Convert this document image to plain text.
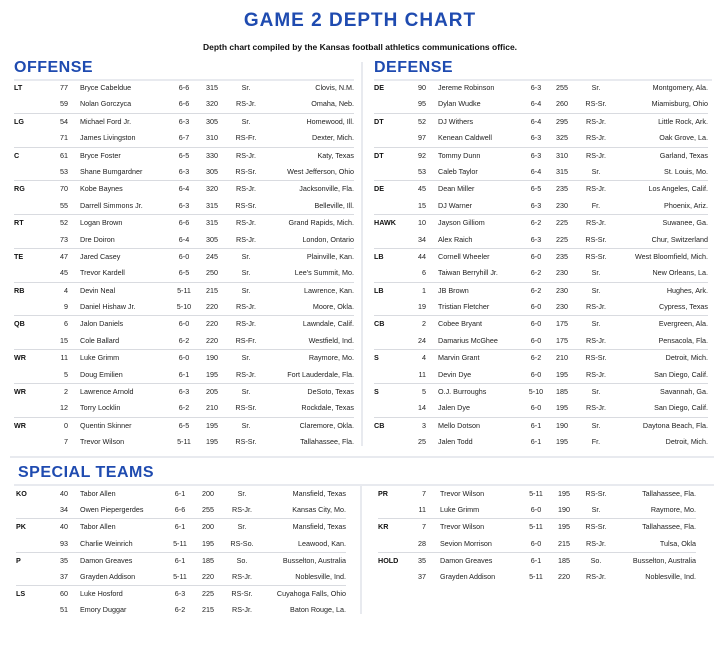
GAME 2 DEPTH CHART
Depth chart compiled by the Kansas football athletics communications office.
OFFENSE	DEFENSE
LT	77 Bryce Cabeldue	6-6	315	Sr.	Clovis, N.M.
59 Nolan Gorczyca	6-6	320	RS-Jr.	Omaha, Neb.
LG	54 Michael Ford Jr.	6-3	305	Sr.	Homewood, Ill.
71 James Livingston	6-7	310	RS-Fr.	Dexter, Mich.
C	61 Bryce Foster	6-5	330	RS-Jr.	Katy, Texas
53 Shane Bumgardner	6-3	305	RS-Sr.	West Jefferson, Ohio
RG	70 Kobe Baynes	6-4	320	RS-Jr.	Jacksonville, Fla.
55 Darrell Simmons Jr.	6-3	315	RS-Sr.	Belleville, Ill.
RT	52 Logan Brown	6-6	315	RS-Jr.	Grand Rapids, Mich.
73 Dre Doiron	6-4	305	RS-Jr.	London, Ontario
TE	47 Jared Casey	6-0	245	Sr.	Plainville, Kan.
45 Trevor Kardell	6-5	250	Sr.	Lee's Summit, Mo.
RB	4 Devin Neal	5-11	215	Sr.	Lawrence, Kan.
9 Daniel Hishaw Jr.	5-10	220	RS-Jr.	Moore, Okla.
QB	6 Jalon Daniels	6-0	220	RS-Jr.	Lawndale, Calif.
15 Cole Ballard	6-2	220	RS-Fr.	Westfield, Ind.
WR	11 Luke Grimm	6-0	190	Sr.	Raymore, Mo.
5 Doug Emilien	6-1	195	RS-Jr.	Fort Lauderdale, Fla.
WR	2 Lawrence Arnold	6-3	205	Sr.	DeSoto, Texas
12 Torry Locklin	6-2	210	RS-Sr.	Rockdale, Texas
WR	0 Quentin Skinner	6-5	195	Sr.	Claremore, Okla.
7 Trevor Wilson	5-11	195	RS-Sr.	Tallahassee, Fla.
DE	90 Jereme Robinson	6-3	255	Sr.	Montgomery, Ala.
95 Dylan Wudke	6-4	260	RS-Sr.	Miamisburg, Ohio
DT	52 DJ Withers	6-4	295	RS-Jr.	Little Rock, Ark.
97 Kenean Caldwell	6-3	325	RS-Jr.	Oak Grove, La.
DT	92 Tommy Dunn	6-3	310	RS-Jr.	Garland, Texas
53 Caleb Taylor	6-4	315	Sr.	St. Louis, Mo.
DE	45 Dean Miller	6-5	235	RS-Jr.	Los Angeles, Calif.
15 DJ Warner	6-3	230	Fr.	Phoenix, Ariz.
HAWK	10 Jayson Gilliom	6-2	225	RS-Jr.	Suwanee, Ga.
34 Alex Raich	6-3	225	RS-Sr.	Chur, Switzerland
LB	44 Cornell Wheeler	6-0	235	RS-Sr.	West Bloomfield, Mich.
6 Taiwan Berryhill Jr.	6-2	230	Sr.	New Orleans, La.
LB	1 JB Brown	6-2	230	Sr.	Hughes, Ark.
19 Tristian Fletcher	6-0	230	RS-Jr.	Cypress, Texas
CB	2 Cobee Bryant	6-0	175	Sr.	Evergreen, Ala.
24 Damarius McGhee	6-0	175	RS-Jr.	Pensacola, Fla.
S	4 Marvin Grant	6-2	210	RS-Sr.	Detroit, Mich.
11 Devin Dye	6-0	195	RS-Jr.	San Diego, Calif.
S	5 O.J. Burroughs	5-10	185	Sr.	Savannah, Ga.
14 Jalen Dye	6-0	195	RS-Jr.	San Diego, Calif.
CB	3 Mello Dotson	6-1	190	Sr.	Daytona Beach, Fla.
25 Jalen Todd	6-1	195	Fr.	Detroit, Mich.
SPECIAL TEAMS
KO	40 Tabor Allen	6-1	200	Sr.	Mansfield, Texas
34 Owen Piepergerdes	6-6	255	RS-Jr.	Kansas City, Mo.
PK	40 Tabor Allen	6-1	200	Sr.	Mansfield, Texas
93 Charlie Weinrich	5-11	195	RS-So.	Leawood, Kan.
P	35 Damon Greaves	6-1	185	So.	Busselton, Australia
37 Grayden Addison	5-11	220	RS-Jr.	Noblesville, Ind.
LS	60 Luke Hosford	6-3	225	RS-Sr.	Cuyahoga Falls, Ohio
51 Emory Duggar	6-2	215	RS-Jr.	Baton Rouge, La.
PR	7 Trevor Wilson	5-11	195	RS-Sr.	Tallahassee, Fla.
11 Luke Grimm	6-0	190	Sr.	Raymore, Mo.
KR	7 Trevor Wilson	5-11	195	RS-Sr.	Tallahassee, Fla.
28 Sevion Morrison	6-0	215	RS-Jr.	Tulsa, Okla
HOLD	35 Damon Greaves	6-1	185	So.	Busselton, Australia
37 Grayden Addison	5-11	220	RS-Jr.	Noblesville, Ind.
